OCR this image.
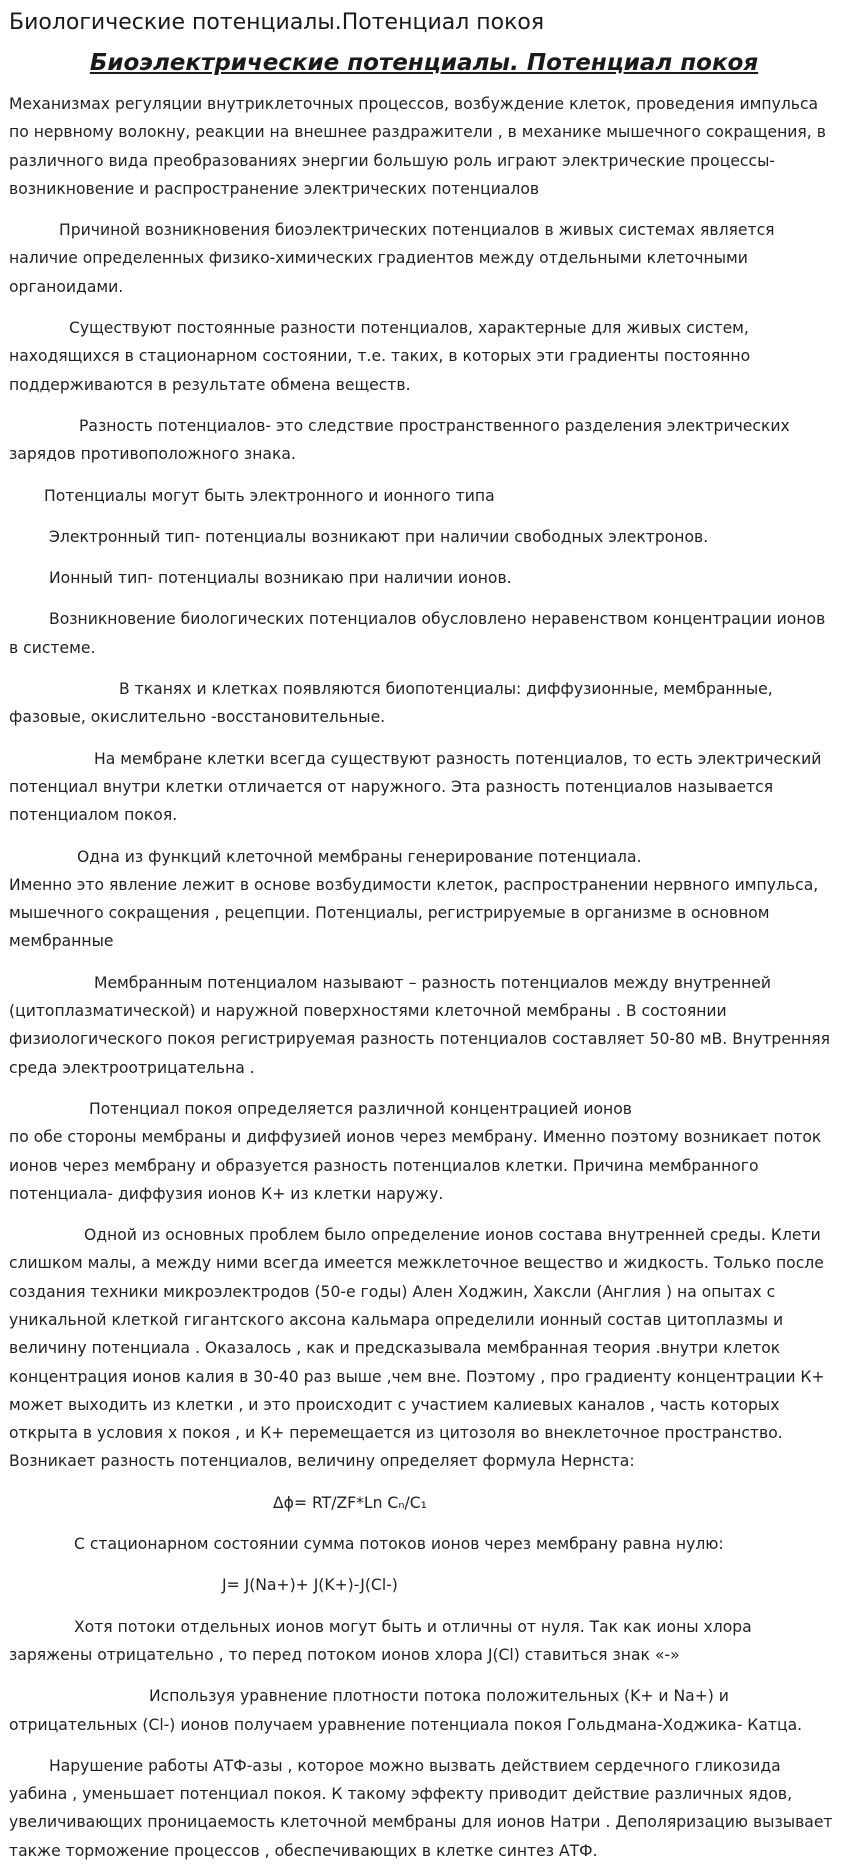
Биологические потенциалы.Потенциал покоя
Биоэлектрические потенциалы. Потенциал покоя

Механизмах регуляции внутриклеточных процессов, возбуждение клеток, проведения импульса по нервному волокну, реакции на внешнее раздражители , в механике мышечного сокращения, в различного вида преобразованиях энергии большую роль играют электрические процессы- возникновение и распространение электрических потенциалов

Причиной возникновения биоэлектрических потенциалов в живых системах является наличие определенных физико-химических градиентов между отдельными клеточными органоидами.

Существуют постоянные разности потенциалов, характерные для живых систем, находящихся в стационарном состоянии, т.е. таких, в которых эти градиенты постоянно поддерживаются в результате обмена веществ.

Разность потенциалов- это следствие пространственного разделения электрических зарядов противоположного знака.

Потенциалы могут быть электронного и ионного типа

Электронный тип- потенциалы возникают при наличии свободных электронов.

Ионный тип- потенциалы возникаю при наличии ионов.

Возникновение биологических потенциалов обусловлено неравенством концентрации ионов в системе.

В тканях и клетках появляются биопотенциалы: диффузионные, мембранные, фазовые, окислительно -восстановительные.

На мембране клетки всегда существуют разность потенциалов, то есть электрический потенциал внутри клетки отличается от наружного. Эта разность потенциалов называется потенциалом покоя.

Одна из функций клеточной мембраны генерирование потенциала.

Именно это явление лежит в основе возбудимости клеток, распространении нервного импульса, мышечного сокращения , рецепции. Потенциалы, регистрируемые в организме в основном мембранные

Мембранным потенциалом называют – разность потенциалов между внутренней (цитоплазматической) и наружной поверхностями клеточной мембраны . В состоянии физиологического покоя регистрируемая разность потенциалов составляет 50-80 мВ. Внутренняя среда электроотрицательна .

Потенциал покоя определяется различной концентрацией ионов

по обе стороны мембраны и диффузией ионов через мембрану. Именно поэтому возникает поток ионов через мембрану и образуется разность потенциалов клетки. Причина мембранного потенциала- диффузия ионов К+ из клетки наружу.

Одной из основных проблем было определение ионов состава внутренней среды. Клети слишком малы, а между ними всегда имеется межклеточное вещество и жидкость. Только после создания техники микроэлектродов (50-е годы) Ален Ходжин, Хаксли (Англия ) на опытах с уникальной клеткой гигантского аксона кальмара определили ионный состав цитоплазмы и величину потенциала . Оказалось , как и предсказывала мембранная теория .внутри клеток концентрация ионов калия в 30-40 раз выше ,чем вне. Поэтому , про градиенту концентрации К+ может выходить из клетки , и это происходит с участием калиевых каналов , часть которых открыта в условия х покоя , и К+ перемещается из цитозоля во внеклеточное пространство. Возникает разность потенциалов, величину определяет формула Нернста:

Δϕ= RT/ZF*Ln Cₙ/C₁

С стационарном состоянии сумма потоков ионов через мембрану равна нулю:

J= J(Na+)+ J(K+)-J(Cl-)

Хотя потоки отдельных ионов могут быть и отличны от нуля. Так как ионы хлора заряжены отрицательно , то перед потоком ионов хлора J(Cl) ставиться знак «-»

Используя уравнение плотности потока положительных (K+ и Na+) и отрицательных (Cl-) ионов получаем уравнение потенциала покоя Гольдмана-Ходжика- Катца.

Нарушение работы АТФ-азы , которое можно вызвать действием сердечного гликозида уабина , уменьшает потенциал покоя. К такому эффекту приводит действие различных ядов, увеличивающих проницаемость клеточной мембраны для ионов Натри . Деполяризацию вызывает также торможение процессов , обеспечивающих в клетке синтез АТФ.
